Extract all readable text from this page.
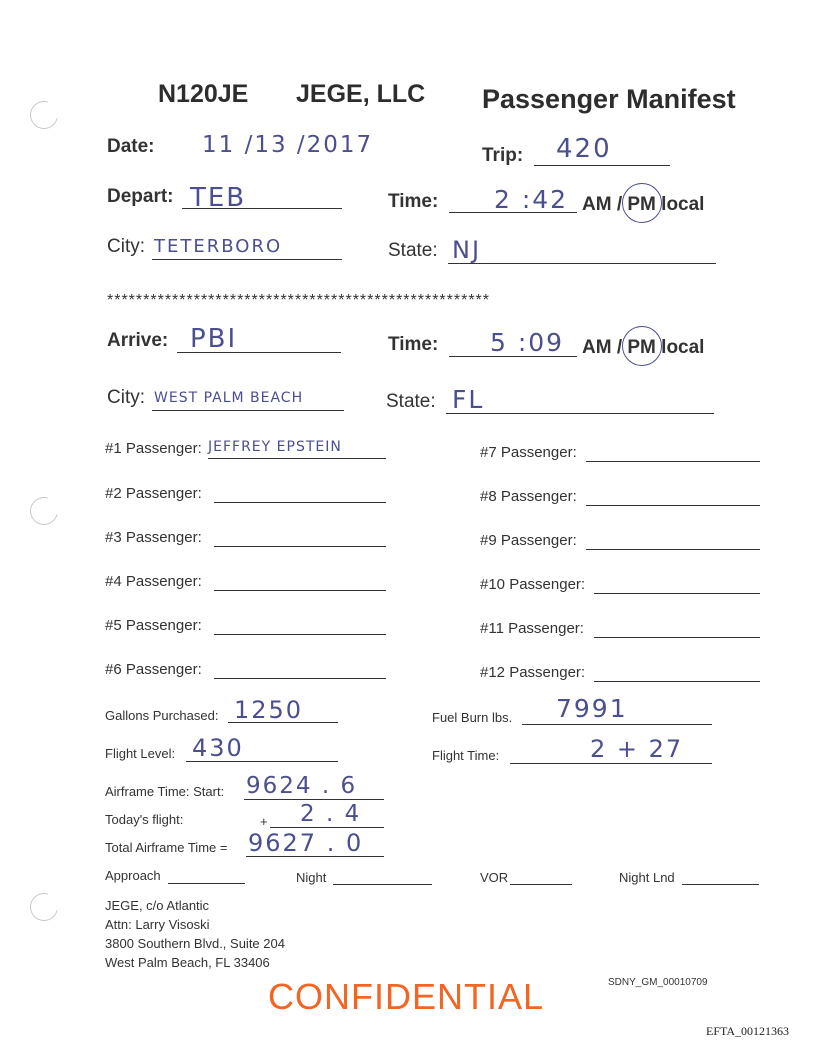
N120JE JEGE, LLC Passenger Manifest
Date: 11 /13 /2017	Trip: 420
Depart: TEB	Time: 2 :42 AM / PM local
City: TETERBORO	State: NJ
*****************************************************
Arrive: PBI	Time: 5 :09 AM / PM local
City: WEST PALM BEACH	State: FL
#1 Passenger: JEFFREY EPSTEIN
#2 Passenger:
#3 Passenger:
#4 Passenger:
#5 Passenger:
#6 Passenger:
#7 Passenger:
#8 Passenger:
#9 Passenger:
#10 Passenger:
#11 Passenger:
#12 Passenger:
Gallons Purchased: 1250	Fuel Burn lbs. 7991
Flight Level: 430	Flight Time:	2 + 27
Airframe Time: Start: 9624 . 6
Today's flight:	+ 2 . 4
Total Airframe Time = 9627 . 0
Approach	Night	VOR	Night Lnd
JEGE, c/o Atlantic
Attn: Larry Visoski
3800 Southern Blvd., Suite 204
West Palm Beach, FL 33406
CONFIDENTIAL	SDNY_GM_00010709
EFTA_00121363
